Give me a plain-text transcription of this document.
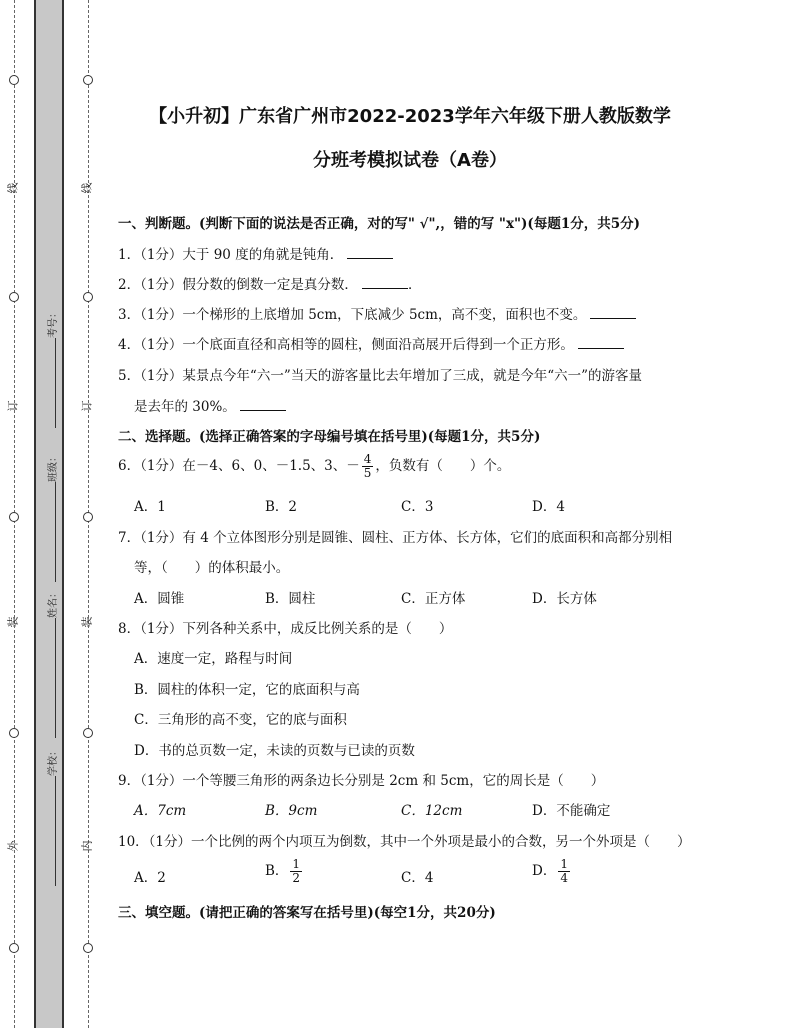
线
订
装
外
线
订
装
内
考号：
班级：
姓名：
学校：
【小升初】广东省广州市2022-2023学年六年级下册人教版数学
分班考模拟试卷（A卷）
一、判断题。(判断下面的说法是否正确，对的写" √",，错的写 "x")(每题1分，共5分)
1．（1分）大于 90 度的角就是钝角．
2．（1分）假分数的倒数一定是真分数．	．
3．（1分）一个梯形的上底增加 5cm，下底减少 5cm，高不变，面积也不变。
4．（1分）一个底面直径和高相等的圆柱，侧面沿高展开后得到一个正方形。
5．（1分）某景点今年“六一”当天的游客量比去年增加了三成，就是今年“六一”的游客量
是去年的 30%。
二、选择题。(选择正确答案的字母编号填在括号里)(每题1分，共5分)
6．（1分）在－4、6、0、－1.5、3、－ $\frac{4}{5}$ ，负数有（　　）个。
A．1	B．2	C．3	D．4
7．（1分）有 4 个立体图形分别是圆锥、圆柱、正方体、长方体，它们的底面积和高都分别相
等，（　　）的体积最小。
A．圆锥	B．圆柱	C．正方体	D．长方体
8．（1分）下列各种关系中，成反比例关系的是（　　）
A．速度一定，路程与时间
B．圆柱的体积一定，它的底面积与高
C．三角形的高不变，它的底与面积
D．书的总页数一定，未读的页数与已读的页数
9．（1分）一个等腰三角形的两条边长分别是 2cm 和 5cm，它的周长是（　　）
A．7cm	B．9cm	C．12cm	D．不能确定
10．（1分）一个比例的两个内项互为倒数，其中一个外项是最小的合数，另一个外项是（　　）
A．2	B． $\frac{1}{2}$	C．4	D． $\frac{1}{4}$
三、填空题。(请把正确的答案写在括号里)(每空1分，共20分)
